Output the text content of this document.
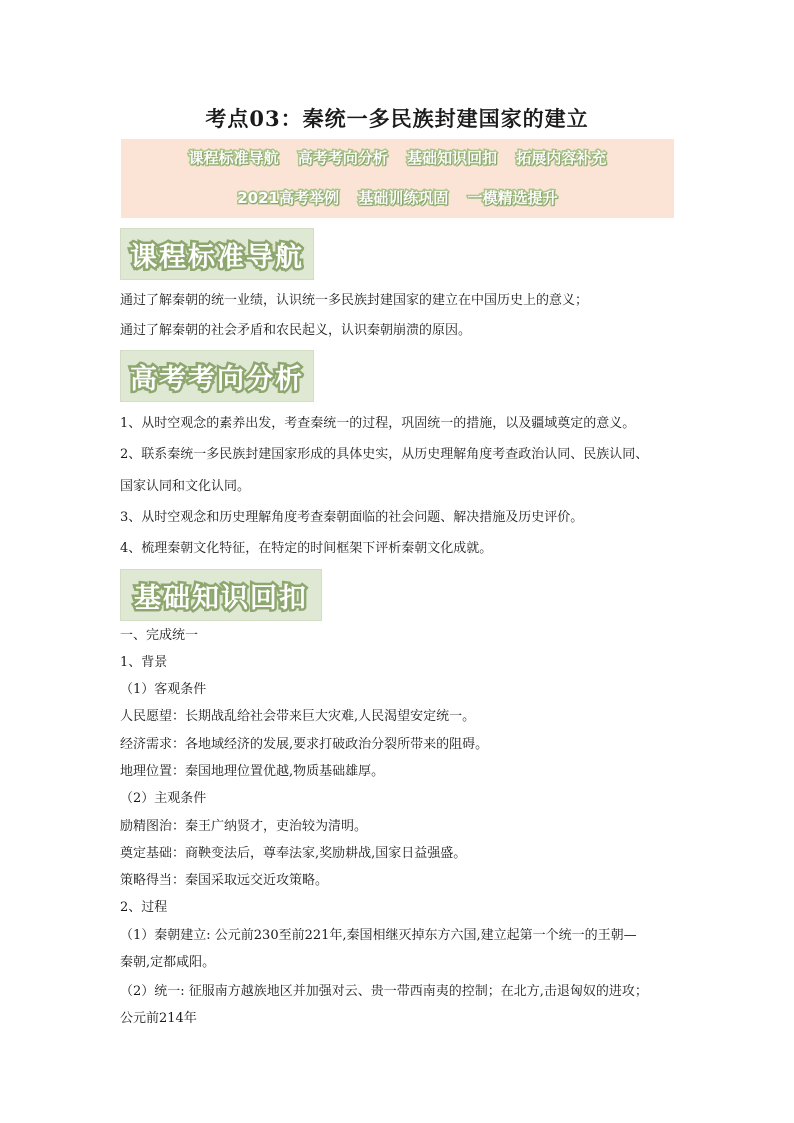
考点03：秦统一多民族封建国家的建立
课程标准导航 高考考向分析 基础知识回扣 拓展内容补充
2021高考举例 基础训练巩固 一模精选提升
课程标准导航
通过了解秦朝的统一业绩，认识统一多民族封建国家的建立在中国历史上的意义；
通过了解秦朝的社会矛盾和农民起义，认识秦朝崩溃的原因。
高考考向分析
1、从时空观念的素养出发，考查秦统一的过程，巩固统一的措施，以及疆域奠定的意义。
2、联系秦统一多民族封建国家形成的具体史实，从历史理解角度考查政治认同、民族认同、
国家认同和文化认同。
3、从时空观念和历史理解角度考查秦朝面临的社会问题、解决措施及历史评价。
4、梳理秦朝文化特征，在特定的时间框架下评析秦朝文化成就。
基础知识回扣
一、完成统一
1、背景
（1）客观条件
人民愿望：长期战乱给社会带来巨大灾难,人民渴望安定统一。
经济需求：各地域经济的发展,要求打破政治分裂所带来的阻碍。
地理位置：秦国地理位置优越,物质基础雄厚。
（2）主观条件
励精图治：秦王广纳贤才，吏治较为清明。
奠定基础：商鞅变法后，尊奉法家,奖励耕战,国家日益强盛。
策略得当：秦国采取远交近攻策略。
2、过程
（1）秦朝建立: 公元前230至前221年,秦国相继灭掉东方六国,建立起第一个统一的王朝—
秦朝,定都咸阳。
（2）统一: 征服南方越族地区并加强对云、贵一带西南夷的控制；在北方,击退匈奴的进攻；
公元前214年
